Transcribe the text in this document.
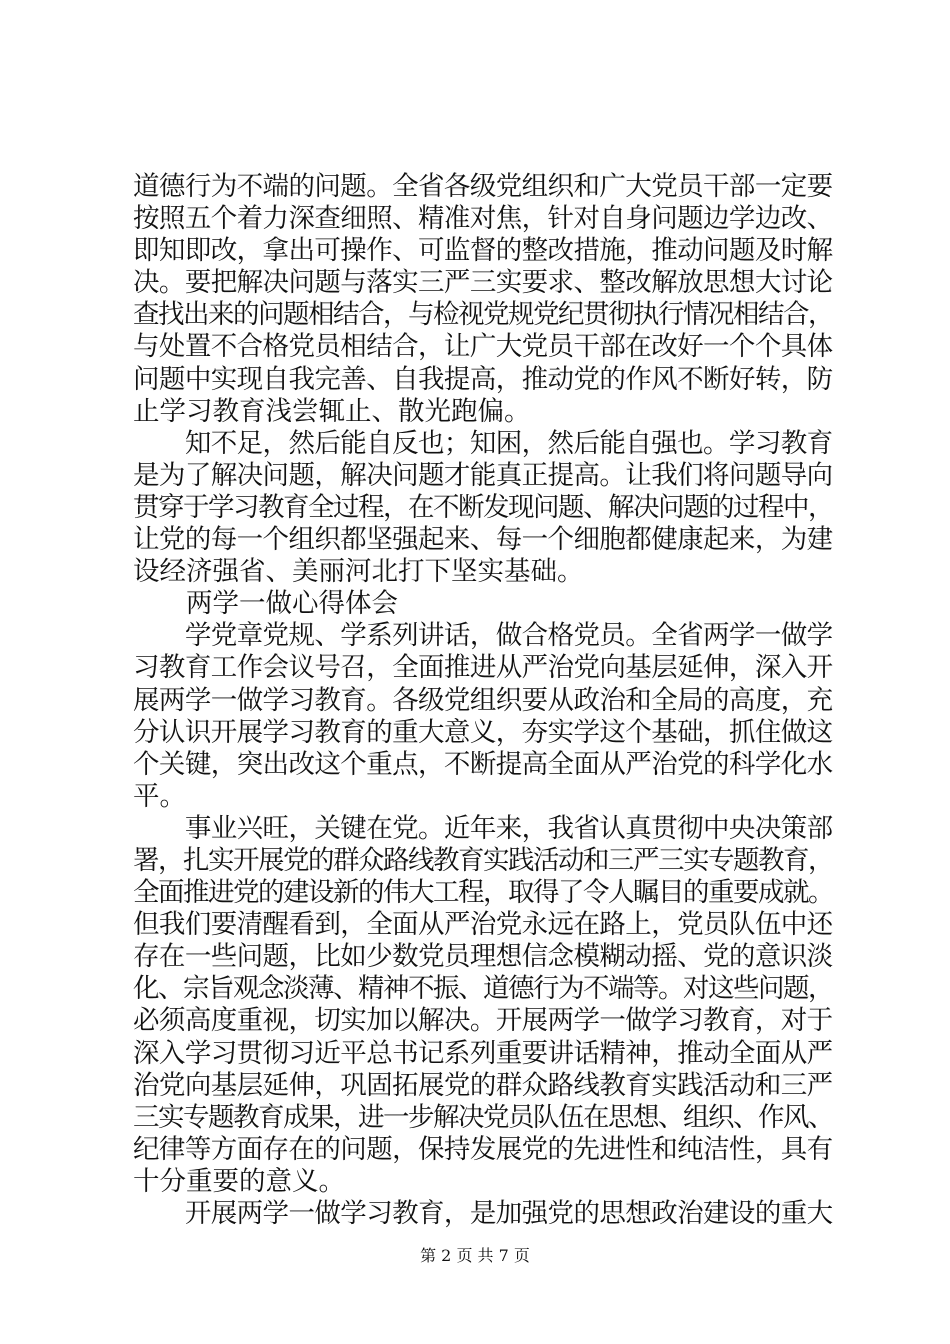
道德行为不端的问题。全省各级党组织和广大党员干部一定要
按照五个着力深查细照、精准对焦，针对自身问题边学边改、
即知即改，拿出可操作、可监督的整改措施，推动问题及时解
决。要把解决问题与落实三严三实要求、整改解放思想大讨论
查找出来的问题相结合，与检视党规党纪贯彻执行情况相结合，
与处置不合格党员相结合，让广大党员干部在改好一个个具体
问题中实现自我完善、自我提高，推动党的作风不断好转，防
止学习教育浅尝辄止、散光跑偏。
　　知不足，然后能自反也；知困，然后能自强也。学习教育
是为了解决问题，解决问题才能真正提高。让我们将问题导向
贯穿于学习教育全过程，在不断发现问题、解决问题的过程中，
让党的每一个组织都坚强起来、每一个细胞都健康起来，为建
设经济强省、美丽河北打下坚实基础。
　　两学一做心得体会
　　学党章党规、学系列讲话，做合格党员。全省两学一做学
习教育工作会议号召，全面推进从严治党向基层延伸，深入开
展两学一做学习教育。各级党组织要从政治和全局的高度，充
分认识开展学习教育的重大意义，夯实学这个基础，抓住做这
个关键，突出改这个重点，不断提高全面从严治党的科学化水
平。
　　事业兴旺，关键在党。近年来，我省认真贯彻中央决策部
署，扎实开展党的群众路线教育实践活动和三严三实专题教育，
全面推进党的建设新的伟大工程，取得了令人瞩目的重要成就。
但我们要清醒看到，全面从严治党永远在路上，党员队伍中还
存在一些问题，比如少数党员理想信念模糊动摇、党的意识淡
化、宗旨观念淡薄、精神不振、道德行为不端等。对这些问题，
必须高度重视，切实加以解决。开展两学一做学习教育，对于
深入学习贯彻习近平总书记系列重要讲话精神，推动全面从严
治党向基层延伸，巩固拓展党的群众路线教育实践活动和三严
三实专题教育成果，进一步解决党员队伍在思想、组织、作风、
纪律等方面存在的问题，保持发展党的先进性和纯洁性，具有
十分重要的意义。
　　开展两学一做学习教育，是加强党的思想政治建设的重大
第 2 页 共 7 页
